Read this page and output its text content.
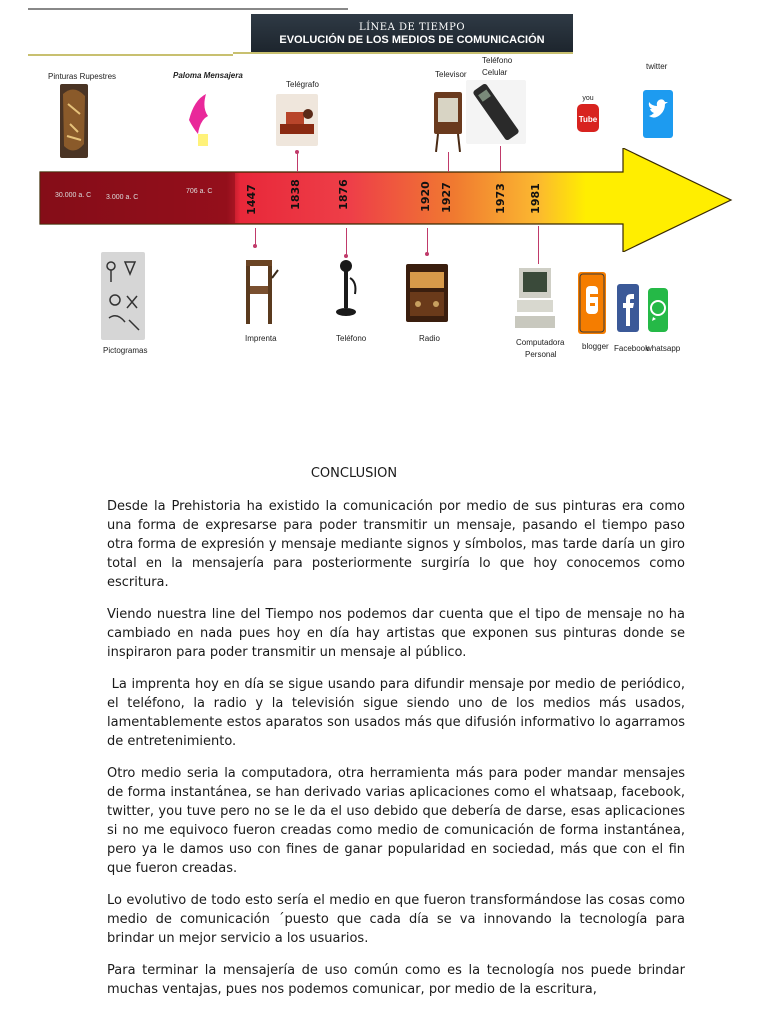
LÍNEA DE TIEMPO
EVOLUCIÓN DE LOS MEDIOS DE COMUNICACIÓN
30.000 a. C 3.000 a. C
706 a. C	1447	1838	1876	1920 1927	1973 1981
Pinturas Rupestres	Paloma Mensajera
Telégrafo
Televisor
Teléfono
Celular
you
Tube
twitter
Pictogramas
Imprenta	Teléfono	Radio	Computadora
Personal
blogger Facebook
whatsapp
CONCLUSION

Desde la Prehistoria ha existido la comunicación por medio de sus pinturas era como una forma de expresarse para poder transmitir un mensaje, pasando el tiempo paso otra forma de expresión y mensaje mediante signos y símbolos, mas tarde daría un giro total en la mensajería para posteriormente surgiría lo que hoy conocemos como escritura.

Viendo nuestra line del Tiempo nos podemos dar cuenta que el tipo de mensaje no ha cambiado en nada pues hoy en día hay artistas que exponen sus pinturas donde se inspiraron para poder transmitir un mensaje al público.

La imprenta hoy en día se sigue usando para difundir mensaje por medio de periódico, el teléfono, la radio y la televisión sigue siendo uno de los medios más usados, lamentablemente estos aparatos son usados más que difusión informativo lo agarramos de entretenimiento.

Otro medio seria la computadora, otra herramienta más para poder mandar mensajes de forma instantánea, se han derivado varias aplicaciones como el whatsaap, facebook, twitter, you tuve pero no se le da el uso debido que debería de darse, esas aplicaciones si no me equivoco fueron creadas como medio de comunicación de forma instantánea, pero ya le damos uso con fines de ganar popularidad en sociedad, más que con el fin que fueron creadas.

Lo evolutivo de todo esto sería el medio en que fueron transformándose las cosas como medio de comunicación ´puesto que cada día se va innovando la tecnología para brindar un mejor servicio a los usuarios.

Para terminar la mensajería de uso común como es la tecnología nos puede brindar muchas ventajas, pues nos podemos comunicar, por medio de la escritura,
